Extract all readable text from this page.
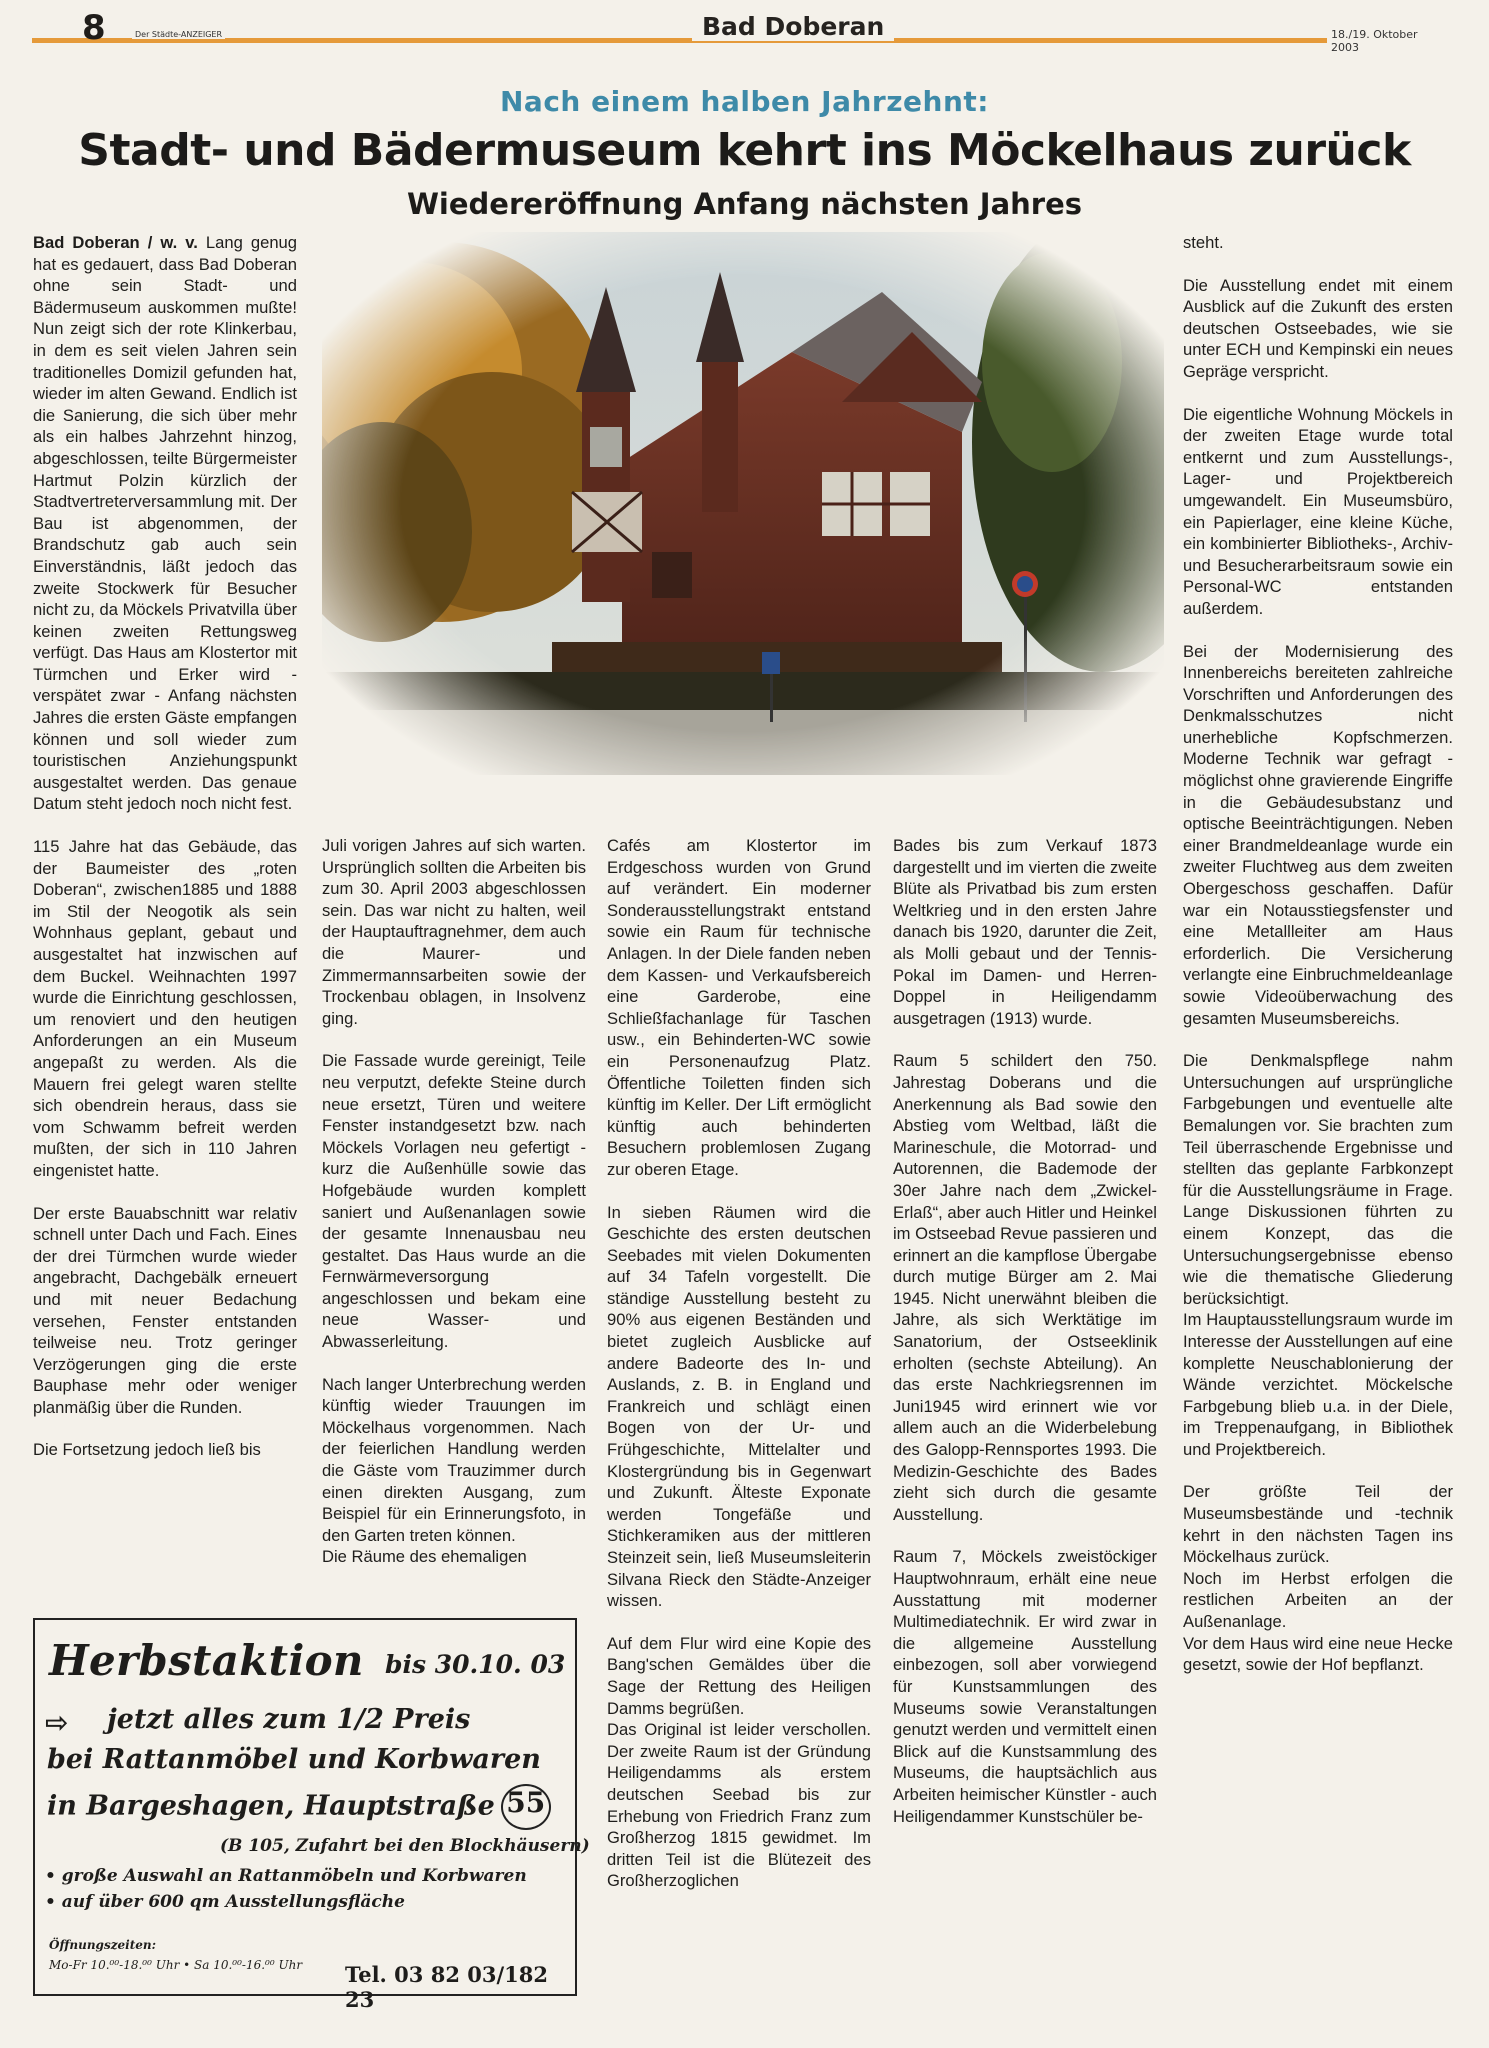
8	Der Städte-ANZEIGER	Bad Doberan	18./19. Oktober 2003
Nach einem halben Jahrzehnt:
Stadt- und Bädermuseum kehrt ins Möckelhaus zurück
Wiedereröffnung Anfang nächsten Jahres

Bad Doberan / w. v. Lang genug hat es gedauert, dass Bad Doberan ohne sein Stadt- und Bädermuseum auskommen mußte! Nun zeigt sich der rote Klinkerbau, in dem es seit vielen Jahren sein traditionelles Domizil gefunden hat, wieder im alten Gewand. Endlich ist die Sanierung, die sich über mehr als ein halbes Jahrzehnt hinzog, abgeschlossen, teilte Bürgermeister Hartmut Polzin kürzlich der Stadtvertreterversammlung mit. Der Bau ist abgenommen, der Brandschutz gab auch sein Einverständnis, läßt jedoch das zweite Stockwerk für Besucher nicht zu, da Möckels Privatvilla über keinen zweiten Rettungsweg verfügt. Das Haus am Klostertor mit Türmchen und Erker wird - verspätet zwar - Anfang nächsten Jahres die ersten Gäste empfangen können und soll wieder zum touristischen Anziehungspunkt ausgestaltet werden. Das genaue Datum steht jedoch noch nicht fest.

115 Jahre hat das Gebäude, das der Baumeister des „roten Doberan“, zwischen1885 und 1888 im Stil der Neogotik als sein Wohnhaus geplant, gebaut und ausgestaltet hat inzwischen auf dem Buckel. Weihnachten 1997 wurde die Einrichtung geschlossen, um renoviert und den heutigen Anforderungen an ein Museum angepaßt zu werden. Als die Mauern frei gelegt waren stellte sich obendrein heraus, dass sie vom Schwamm befreit werden mußten, der sich in 110 Jahren eingenistet hatte.

Der erste Bauabschnitt war relativ schnell unter Dach und Fach. Eines der drei Türmchen wurde wieder angebracht, Dachgebälk erneuert und mit neuer Bedachung versehen, Fenster entstanden teilweise neu. Trotz geringer Verzögerungen ging die erste Bauphase mehr oder weniger planmäßig über die Runden.

Die Fortsetzung jedoch ließ bis

Juli vorigen Jahres auf sich warten. Ursprünglich sollten die Arbeiten bis zum 30. April 2003 abgeschlossen sein. Das war nicht zu halten, weil der Hauptauftragnehmer, dem auch die Maurer- und Zimmermannsarbeiten sowie der Trockenbau oblagen, in Insolvenz ging.

Die Fassade wurde gereinigt, Teile neu verputzt, defekte Steine durch neue ersetzt, Türen und weitere Fenster instandgesetzt bzw. nach Möckels Vorlagen neu gefertigt - kurz die Außenhülle sowie das Hofgebäude wurden komplett saniert und Außenanlagen sowie der gesamte Innenausbau neu gestaltet. Das Haus wurde an die Fernwärmeversorgung angeschlossen und bekam eine neue Wasser- und Abwasserleitung.

Nach langer Unterbrechung werden künftig wieder Trauungen im Möckelhaus vorgenommen. Nach der feierlichen Handlung werden die Gäste vom Trauzimmer durch einen direkten Ausgang, zum Beispiel für ein Erinnerungsfoto, in den Garten treten können.

Die Räume des ehemaligen

Cafés am Klostertor im Erdgeschoss wurden von Grund auf verändert. Ein moderner Sonderausstellungstrakt entstand sowie ein Raum für technische Anlagen. In der Diele fanden neben dem Kassen- und Verkaufsbereich eine Garderobe, eine Schließfachanlage für Taschen usw., ein Behinderten-WC sowie ein Personenaufzug Platz. Öffentliche Toiletten finden sich künftig im Keller. Der Lift ermöglicht künftig auch behinderten Besuchern problemlosen Zugang zur oberen Etage.

In sieben Räumen wird die Geschichte des ersten deutschen Seebades mit vielen Dokumenten auf 34 Tafeln vorgestellt. Die ständige Ausstellung besteht zu 90% aus eigenen Beständen und bietet zugleich Ausblicke auf andere Badeorte des In- und Auslands, z. B. in England und Frankreich und schlägt einen Bogen von der Ur- und Frühgeschichte, Mittelalter und Klostergründung bis in Gegenwart und Zukunft. Älteste Exponate werden Tongefäße und Stichkeramiken aus der mittleren Steinzeit sein, ließ Museumsleiterin Silvana Rieck den Städte-Anzeiger wissen.

Auf dem Flur wird eine Kopie des Bang'schen Gemäldes über die Sage der Rettung des Heiligen Damms begrüßen.

Das Original ist leider verschollen. Der zweite Raum ist der Gründung Heiligendamms als erstem deutschen Seebad bis zur Erhebung von Friedrich Franz zum Großherzog 1815 gewidmet. Im dritten Teil ist die Blütezeit des Großherzoglichen

Bades bis zum Verkauf 1873 dargestellt und im vierten die zweite Blüte als Privatbad bis zum ersten Weltkrieg und in den ersten Jahre danach bis 1920, darunter die Zeit, als Molli gebaut und der Tennis-Pokal im Damen- und Herren-Doppel in Heiligendamm ausgetragen (1913) wurde.

Raum 5 schildert den 750. Jahrestag Doberans und die Anerkennung als Bad sowie den Abstieg vom Weltbad, läßt die Marineschule, die Motorrad- und Autorennen, die Bademode der 30er Jahre nach dem „Zwickel-Erlaß“, aber auch Hitler und Heinkel im Ostseebad Revue passieren und erinnert an die kampflose Übergabe durch mutige Bürger am 2. Mai 1945. Nicht unerwähnt bleiben die Jahre, als sich Werktätige im Sanatorium, der Ostseeklinik erholten (sechste Abteilung). An das erste Nachkriegsrennen im Juni1945 wird erinnert wie vor allem auch an die Widerbelebung des Galopp-Rennsportes 1993. Die Medizin-Geschichte des Bades zieht sich durch die gesamte Ausstellung.

Raum 7, Möckels zweistöckiger Hauptwohnraum, erhält eine neue Ausstattung mit moderner Multimediatechnik. Er wird zwar in die allgemeine Ausstellung einbezogen, soll aber vorwiegend für Kunstsammlungen des Museums sowie Veranstaltungen genutzt werden und vermittelt einen Blick auf die Kunstsammlung des Museums, die hauptsächlich aus Arbeiten heimischer Künstler - auch Heiligendammer Kunstschüler be-

steht.

Die Ausstellung endet mit einem Ausblick auf die Zukunft des ersten deutschen Ostseebades, wie sie unter ECH und Kempinski ein neues Gepräge verspricht.

Die eigentliche Wohnung Möckels in der zweiten Etage wurde total entkernt und zum Ausstellungs-, Lager- und Projektbereich umgewandelt. Ein Museumsbüro, ein Papierlager, eine kleine Küche, ein kombinierter Bibliotheks-, Archiv- und Besucherarbeitsraum sowie ein Personal-WC entstanden außerdem.

Bei der Modernisierung des Innenbereichs bereiteten zahlreiche Vorschriften und Anforderungen des Denkmalsschutzes nicht unerhebliche Kopfschmerzen. Moderne Technik war gefragt - möglichst ohne gravierende Eingriffe in die Gebäudesubstanz und optische Beeinträchtigungen. Neben einer Brandmeldeanlage wurde ein zweiter Fluchtweg aus dem zweiten Obergeschoss geschaffen. Dafür war ein Notausstiegsfenster und eine Metallleiter am Haus erforderlich. Die Versicherung verlangte eine Einbruchmeldeanlage sowie Videoüberwachung des gesamten Museumsbereichs.

Die Denkmalspflege nahm Untersuchungen auf ursprüngliche Farbgebungen und eventuelle alte Bemalungen vor. Sie brachten zum Teil überraschende Ergebnisse und stellten das geplante Farbkonzept für die Ausstellungsräume in Frage. Lange Diskussionen führten zu einem Konzept, das die Untersuchungsergebnisse ebenso wie die thematische Gliederung berücksichtigt.

Im Hauptausstellungsraum wurde im Interesse der Ausstellungen auf eine komplette Neuschablonierung der Wände verzichtet. Möckelsche Farbgebung blieb u.a. in der Diele, im Treppenaufgang, in Bibliothek und Projektbereich.

Der größte Teil der Museumsbestände und -technik kehrt in den nächsten Tagen ins Möckelhaus zurück.

Noch im Herbst erfolgen die restlichen Arbeiten an der Außenanlage.

Vor dem Haus wird eine neue Hecke gesetzt, sowie der Hof bepflanzt.

Herbstaktion bis 30.10. 03
⇨ jetzt alles zum 1/2 Preis
bei Rattanmöbel und Korbwaren
in Bargeshagen, Hauptstraße 55
(B 105, Zufahrt bei den Blockhäusern)
• große Auswahl an Rattanmöbeln und Korbwaren
• auf über 600 qm Ausstellungsfläche
Öffnungszeiten:
Mo-Fr 10.⁰⁰-18.⁰⁰ Uhr • Sa 10.⁰⁰-16.⁰⁰ Uhr Tel. 03 82 03/182 23
